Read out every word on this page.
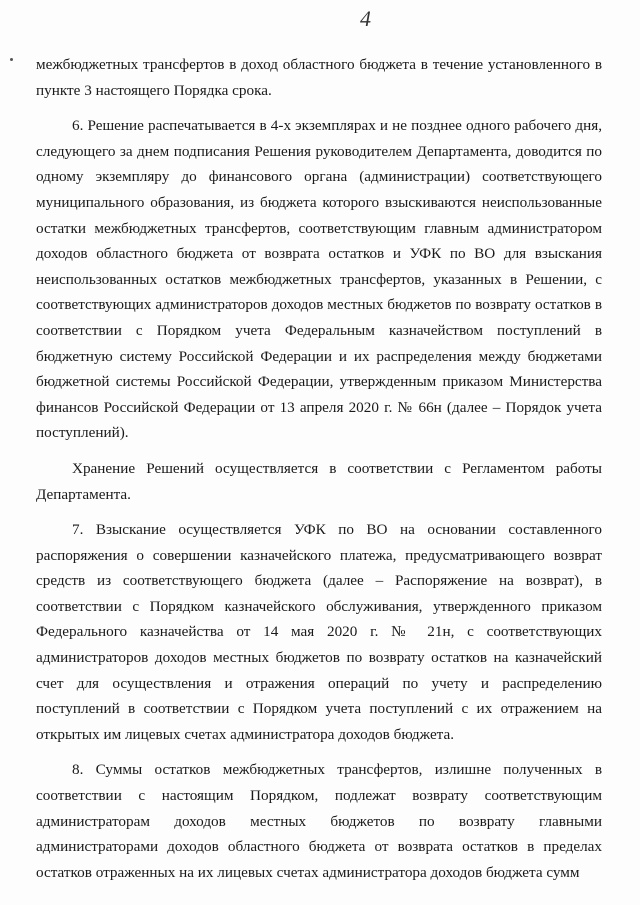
4

межбюджетных трансфертов в доход областного бюджета в течение установленного в пункте 3 настоящего Порядка срока.

6. Решение распечатывается в 4-х экземплярах и не позднее одного рабочего дня, следующего за днем подписания Решения руководителем Департамента, доводится по одному экземпляру до финансового органа (администрации) соответствующего муниципального образования, из бюджета которого взыскиваются неиспользованные остатки межбюджетных трансфертов, соответствующим главным администратором доходов областного бюджета от возврата остатков и УФК по ВО для взыскания неиспользованных остатков межбюджетных трансфертов, указанных в Решении, с соответствующих администраторов доходов местных бюджетов по возврату остатков в соответствии с Порядком учета Федеральным казначейством поступлений в бюджетную систему Российской Федерации и их распределения между бюджетами бюджетной системы Российской Федерации, утвержденным приказом Министерства финансов Российской Федерации от 13 апреля 2020 г. № 66н (далее – Порядок учета поступлений).

Хранение Решений осуществляется в соответствии с Регламентом работы Департамента.

7. Взыскание осуществляется УФК по ВО на основании составленного распоряжения о совершении казначейского платежа, предусматривающего возврат средств из соответствующего бюджета (далее – Распоряжение на возврат), в соответствии с Порядком казначейского обслуживания, утвержденного приказом Федерального казначейства от 14 мая 2020 г. № 21н, с соответствующих администраторов доходов местных бюджетов по возврату остатков на казначейский счет для осуществления и отражения операций по учету и распределению поступлений в соответствии с Порядком учета поступлений с их отражением на открытых им лицевых счетах администратора доходов бюджета.

8. Суммы остатков межбюджетных трансфертов, излишне полученных в соответствии с настоящим Порядком, подлежат возврату соответствующим администраторам доходов местных бюджетов по возврату главными администраторами доходов областного бюджета от возврата остатков в пределах остатков отраженных на их лицевых счетах администратора доходов бюджета сумм
